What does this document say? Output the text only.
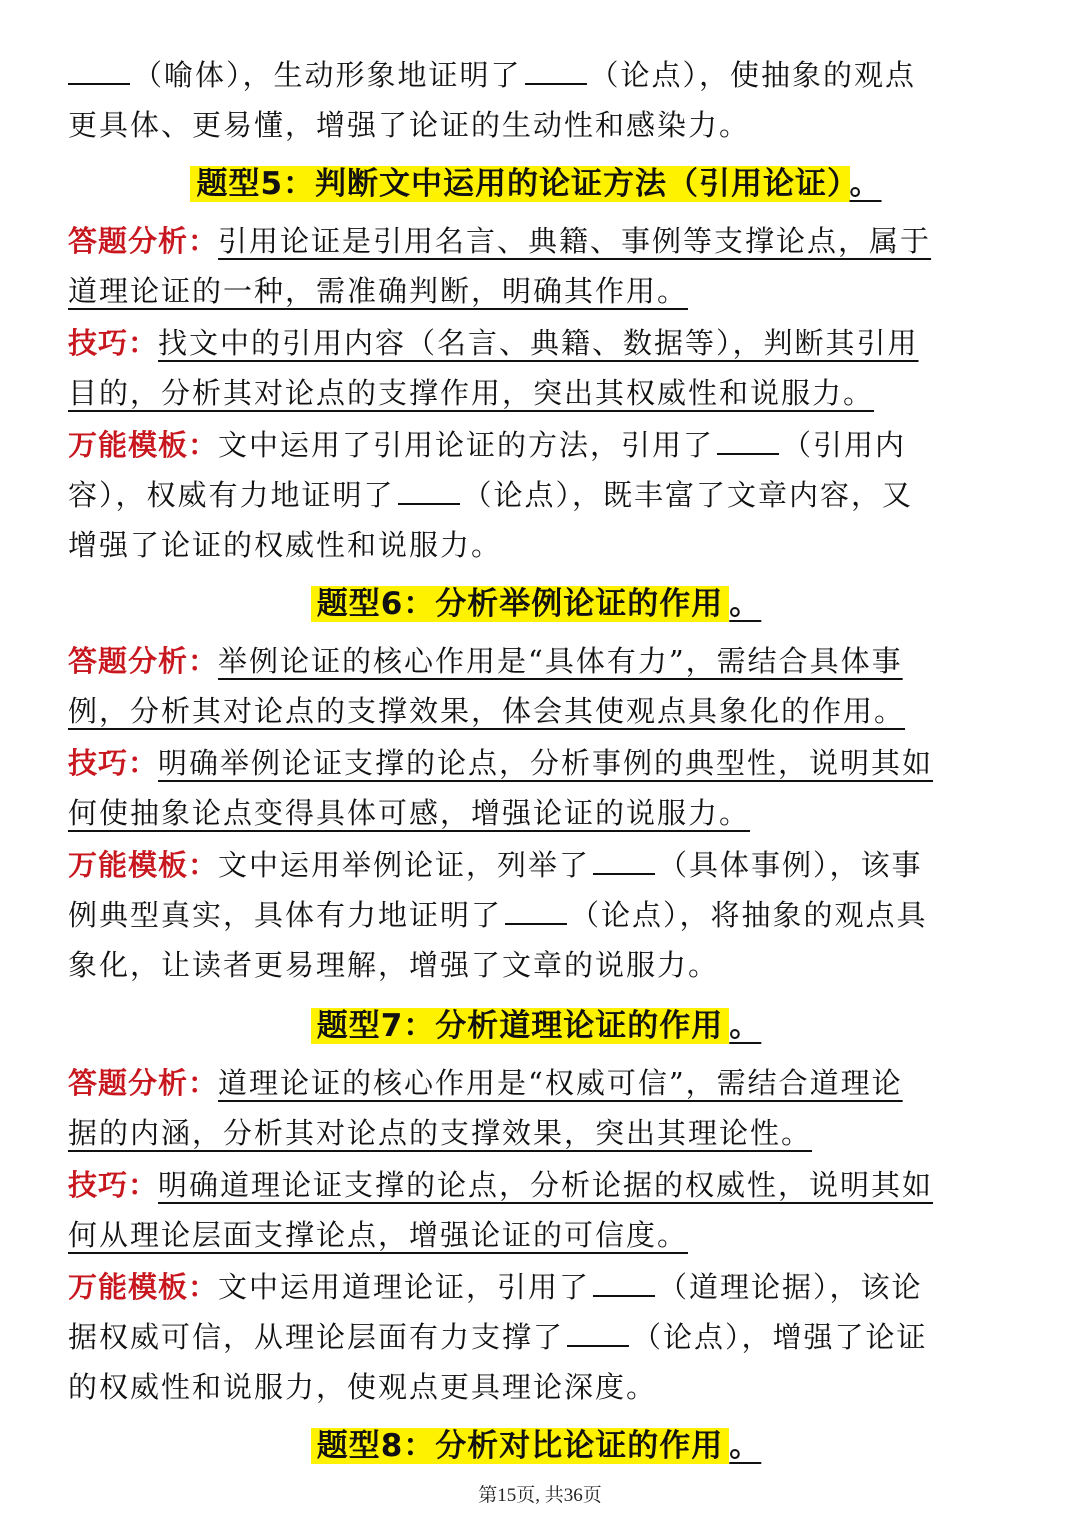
（喻体），生动形象地证明了 （论点），使抽象的观点
更具体、更易懂，增强了论证的生动性和感染力。
题型5：判断文中运用的论证方法（引用论证） 。
答题分析：引用论证是引用名言、典籍、事例等支撑论点，属于
道理论证的一种，需准确判断，明确其作用。
技巧：找文中的引用内容（名言、典籍、数据等），判断其引用
目的，分析其对论点的支撑作用，突出其权威性和说服力。
万能模板：文中运用了引用论证的方法，引用了 （引用内
容），权威有力地证明了 （论点），既丰富了文章内容，又
增强了论证的权威性和说服力。
题型6：分析举例论证的作用 。
答题分析：举例论证的核心作用是“具体有力”，需结合具体事
例，分析其对论点的支撑效果，体会其使观点具象化的作用。
技巧：明确举例论证支撑的论点，分析事例的典型性，说明其如
何使抽象论点变得具体可感，增强论证的说服力。
万能模板：文中运用举例论证，列举了 （具体事例），该事
例典型真实，具体有力地证明了 （论点），将抽象的观点具
象化，让读者更易理解，增强了文章的说服力。
题型7：分析道理论证的作用 。
答题分析：道理论证的核心作用是“权威可信”，需结合道理论
据的内涵，分析其对论点的支撑效果，突出其理论性。
技巧：明确道理论证支撑的论点，分析论据的权威性，说明其如
何从理论层面支撑论点，增强论证的可信度。
万能模板：文中运用道理论证，引用了 （道理论据），该论
据权威可信，从理论层面有力支撑了 （论点），增强了论证
的权威性和说服力，使观点更具理论深度。
题型8：分析对比论证的作用 。
第15页, 共36页
